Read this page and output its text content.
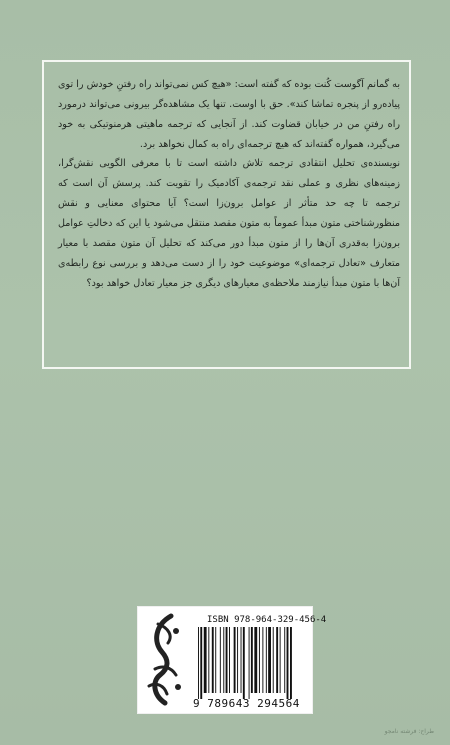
به گمانم آگوست کُنت بوده که گفته است: «هیچ کس نمی‌تواند راه رفتنِ خودش را توی پیاده‌رو از پنجره تماشا کند». حق با اوست. تنها یک مشاهده‌گر بیرونی می‌تواند درمورد راه رفتنِ من در خیابان قضاوت کند. از آنجایی که ترجمه ماهیتی هرمنوتیکی به خود می‌گیرد، همواره گفته‌اند که هیچ ترجمه‌ای راه به کمال نخواهد برد.
نویسنده‌ی تحلیل انتقادی ترجمه تلاش داشته است تا با معرفی الگویی نقش‌گرا، زمینه‌های نظری و عملی نقد ترجمه‌ی آکادمیک را تقویت کند. پرسش آن است که ترجمه تا چه حد متأثر از عوامل برون‌زا است؟ آیا محتوای معنایی و نقش منظورشناختی متون مبدأ عموماً به متون مقصد منتقل می‌شود یا این که دخالتِ عوامل برون‌زا به‌قدری آن‌ها را از متون مبدأ دور می‌کند که تحلیل آن متون مقصد با معیار متعارف «تعادل ترجمه‌ای» موضوعیت خود را از دست می‌دهد و بررسی نوع رابطه‌ی آن‌ها با متون مبدأ نیازمند ملاحظه‌ی معیارهای دیگری جز معیار تعادل خواهد بود؟
ISBN 978-964-329-456-4
9 789643 294564
طراح: فرشته نامجو
